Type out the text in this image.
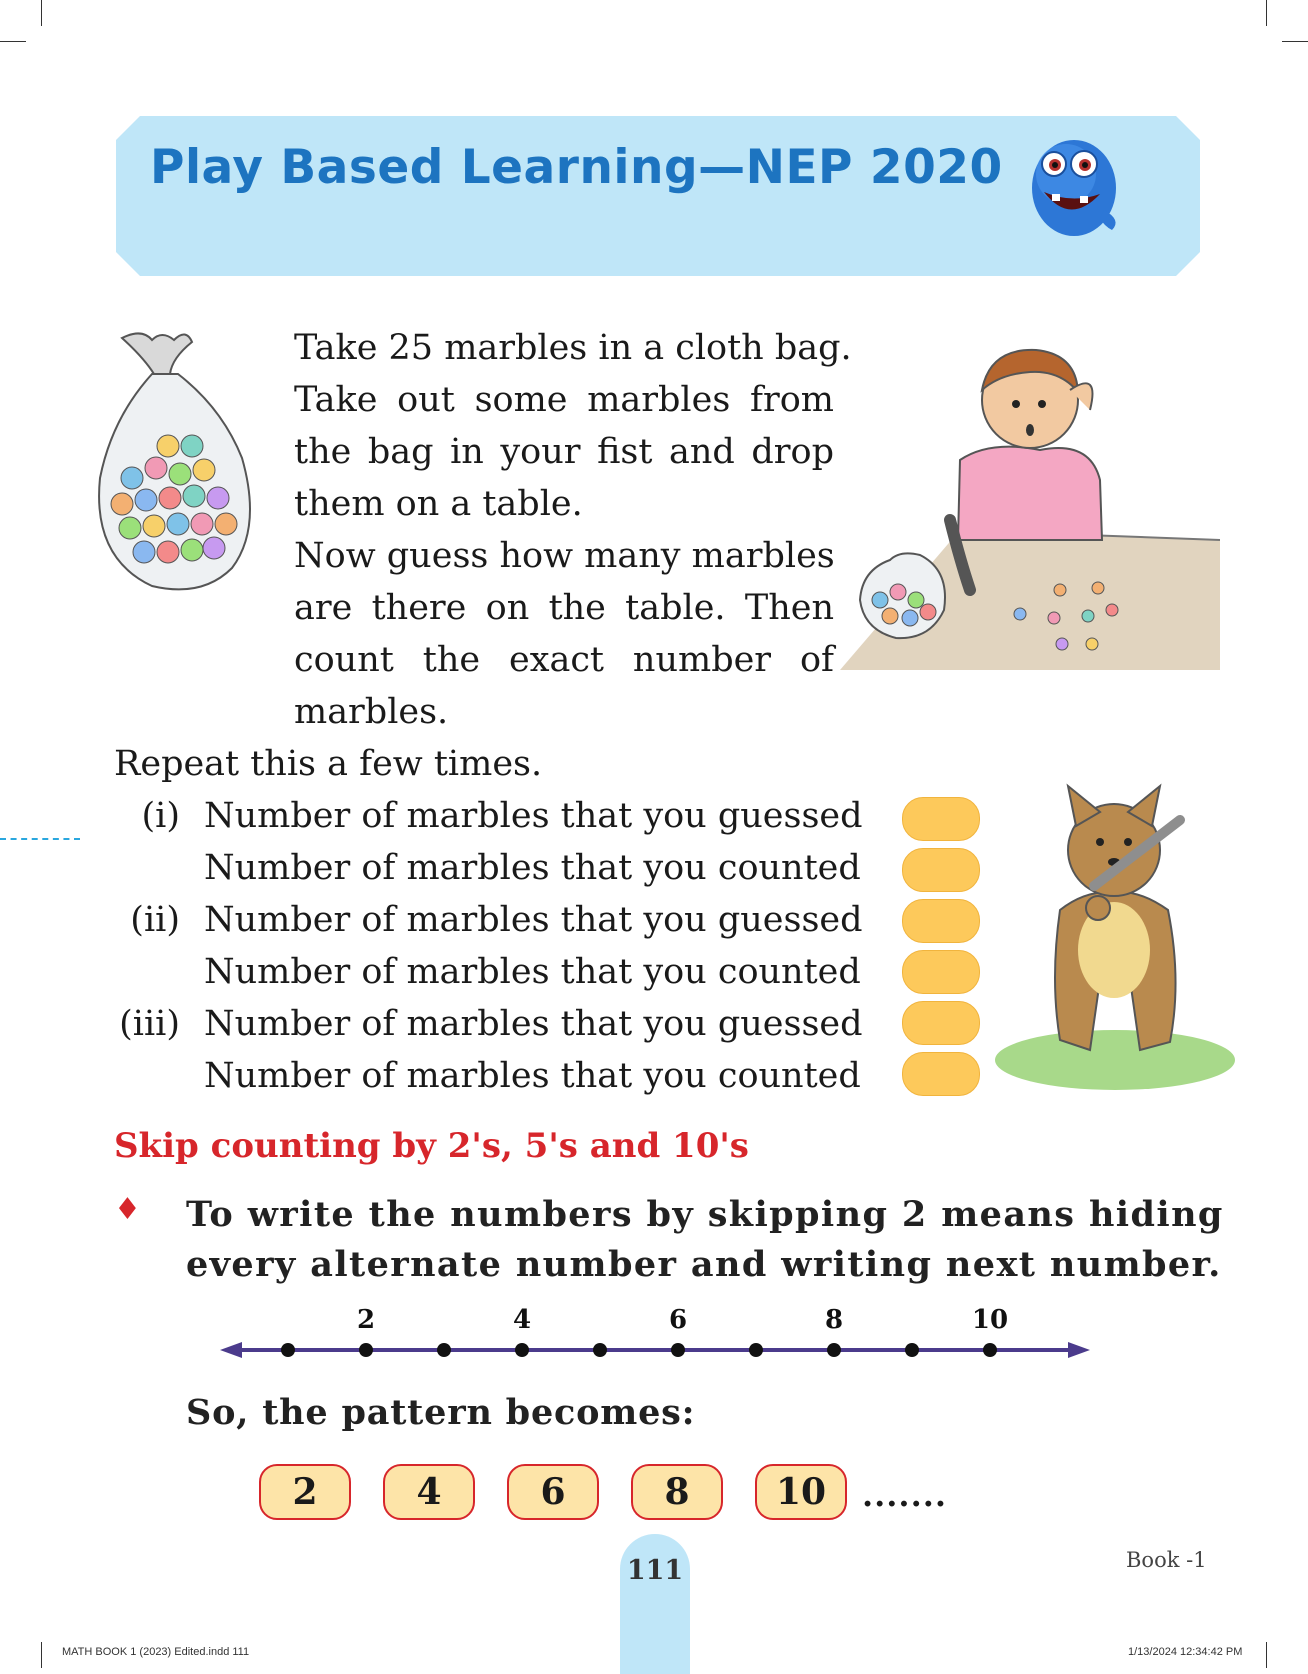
Play Based Learning—NEP 2020
Take 25 marbles in a cloth bag.
Take out some marbles from
the bag in your fist and drop
them on a table.
Now guess how many marbles
are there on the table. Then
count the exact number of
marbles.
Repeat this a few times.
(i) Number of marbles that you guessed
Number of marbles that you counted
(ii) Number of marbles that you guessed
Number of marbles that you counted
(iii) Number of marbles that you guessed
Number of marbles that you counted
Skip counting by 2's, 5's and 10's
♦ To write the numbers by skipping 2 means hiding
every alternate number and writing next number.
2	4	6	8	10
So, the pattern becomes:
2	4	6	8	10	.......
111	Book -1
MATH BOOK 1 (2023) Edited.indd 111	1/13/2024 12:34:42 PM
